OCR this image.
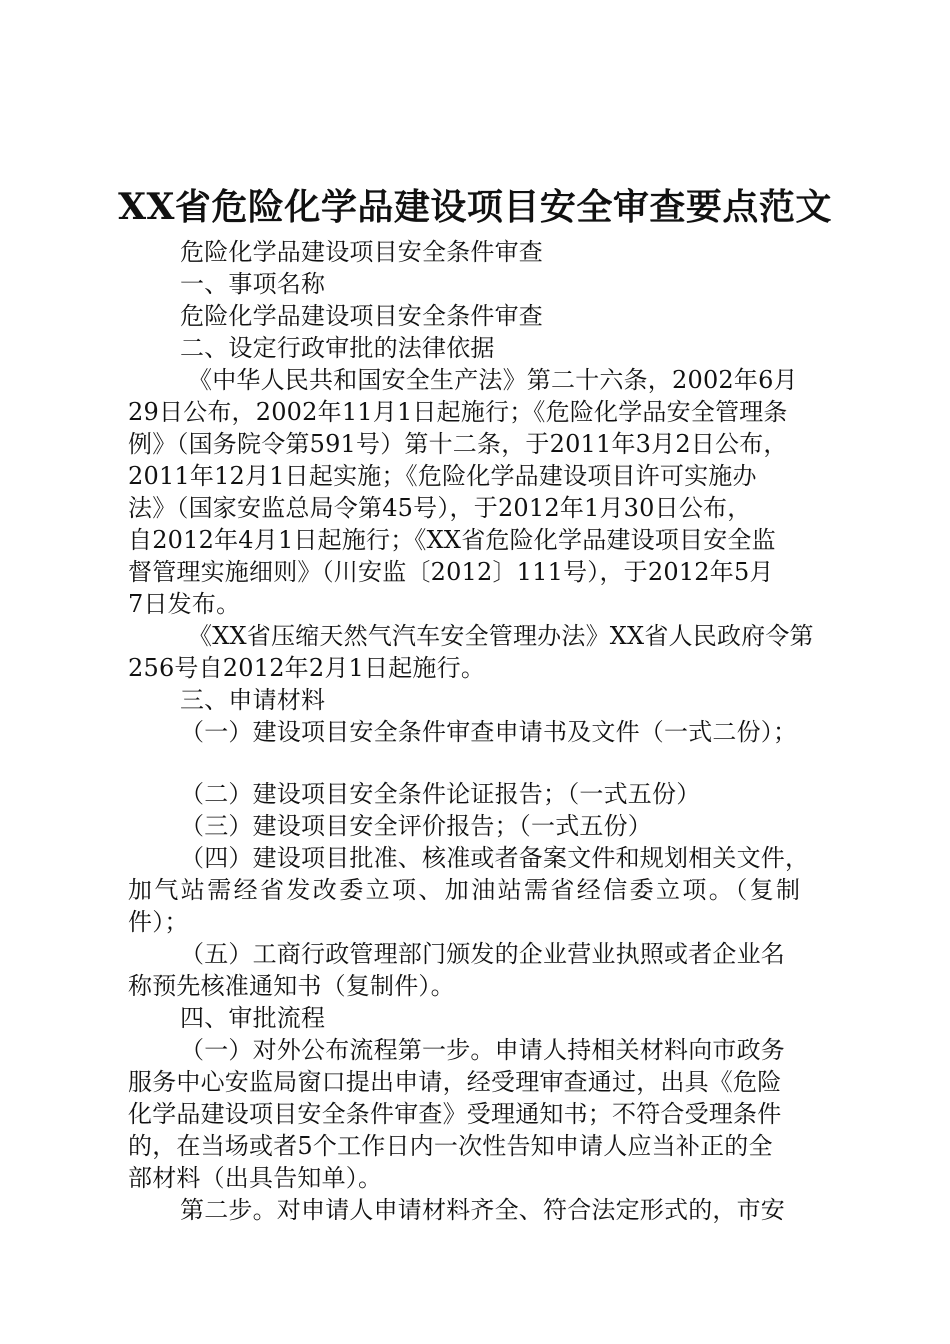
XX省危险化学品建设项目安全审查要点范文
危险化学品建设项目安全条件审查
一、事项名称
危险化学品建设项目安全条件审查
二、设定行政审批的法律依据
《中华人民共和国安全生产法》第二十六条，2002年6月
29日公布，2002年11月1日起施行；《危险化学品安全管理条
例》（国务院令第591号）第十二条，于2011年3月2日公布，
2011年12月1日起实施；《危险化学品建设项目许可实施办
法》（国家安监总局令第45号），于2012年1月30日公布，
自2012年4月1日起施行；《XX省危险化学品建设项目安全监
督管理实施细则》（川安监〔2012〕111号），于2012年5月
7日发布。
《XX省压缩天然气汽车安全管理办法》XX省人民政府令第
256号自2012年2月1日起施行。
三、申请材料
（一）建设项目安全条件审查申请书及文件（一式二份）；
（二）建设项目安全条件论证报告；（一式五份）
（三）建设项目安全评价报告；（一式五份）
（四）建设项目批准、核准或者备案文件和规划相关文件，
加气站需经省发改委立项、加油站需省经信委立项。（复制
件）；
（五）工商行政管理部门颁发的企业营业执照或者企业名
称预先核准通知书（复制件）。
四、审批流程
（一）对外公布流程第一步。申请人持相关材料向市政务
服务中心安监局窗口提出申请，经受理审查通过，出具《危险
化学品建设项目安全条件审查》受理通知书；不符合受理条件
的，在当场或者5个工作日内一次性告知申请人应当补正的全
部材料（出具告知单）。
第二步。对申请人申请材料齐全、符合法定形式的，市安
